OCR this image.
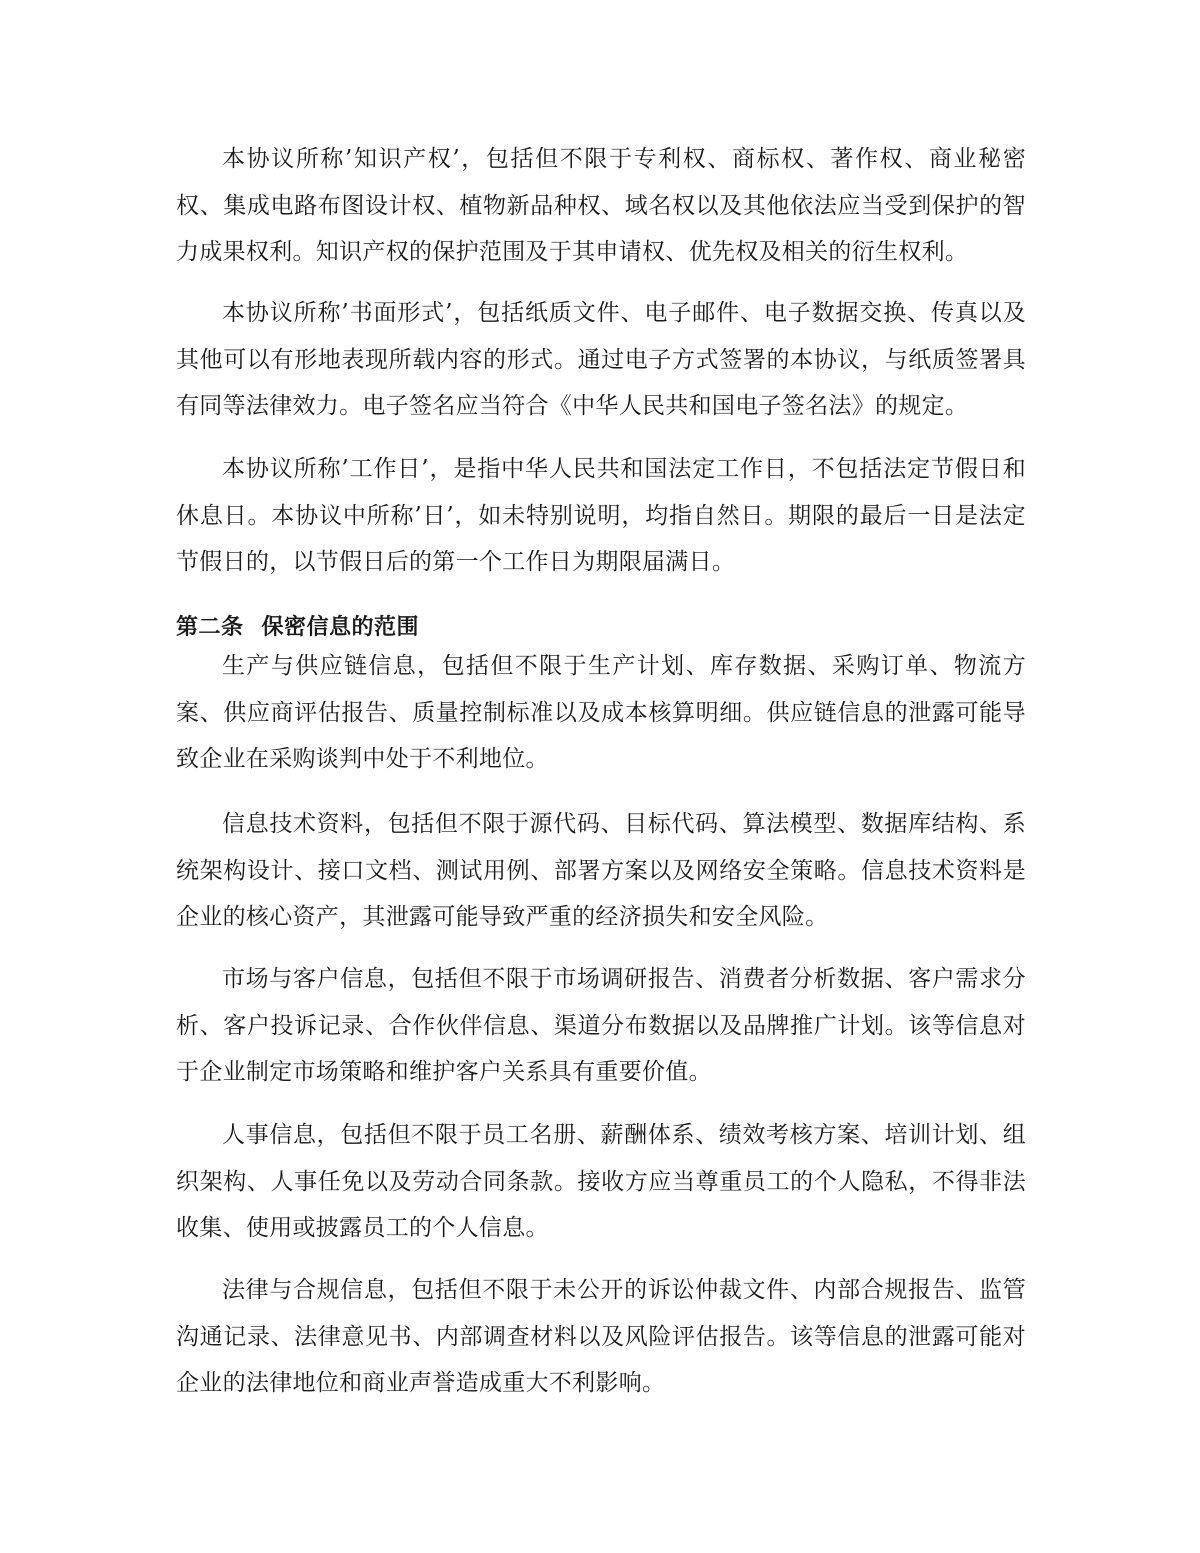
本协议所称’知识产权’，包括但不限于专利权、商标权、著作权、商业秘密权、集成电路布图设计权、植物新品种权、域名权以及其他依法应当受到保护的智力成果权利。知识产权的保护范围及于其申请权、优先权及相关的衍生权利。

本协议所称’书面形式’，包括纸质文件、电子邮件、电子数据交换、传真以及其他可以有形地表现所载内容的形式。通过电子方式签署的本协议，与纸质签署具有同等法律效力。电子签名应当符合《中华人民共和国电子签名法》的规定。

本协议所称’工作日’，是指中华人民共和国法定工作日，不包括法定节假日和休息日。本协议中所称’日’，如未特别说明，均指自然日。期限的最后一日是法定节假日的，以节假日后的第一个工作日为期限届满日。

第二条 保密信息的范围

生产与供应链信息，包括但不限于生产计划、库存数据、采购订单、物流方案、供应商评估报告、质量控制标准以及成本核算明细。供应链信息的泄露可能导致企业在采购谈判中处于不利地位。

信息技术资料，包括但不限于源代码、目标代码、算法模型、数据库结构、系统架构设计、接口文档、测试用例、部署方案以及网络安全策略。信息技术资料是企业的核心资产，其泄露可能导致严重的经济损失和安全风险。

市场与客户信息，包括但不限于市场调研报告、消费者分析数据、客户需求分析、客户投诉记录、合作伙伴信息、渠道分布数据以及品牌推广计划。该等信息对于企业制定市场策略和维护客户关系具有重要价值。

人事信息，包括但不限于员工名册、薪酬体系、绩效考核方案、培训计划、组织架构、人事任免以及劳动合同条款。接收方应当尊重员工的个人隐私，不得非法收集、使用或披露员工的个人信息。

法律与合规信息，包括但不限于未公开的诉讼仲裁文件、内部合规报告、监管沟通记录、法律意见书、内部调查材料以及风险评估报告。该等信息的泄露可能对企业的法律地位和商业声誉造成重大不利影响。
